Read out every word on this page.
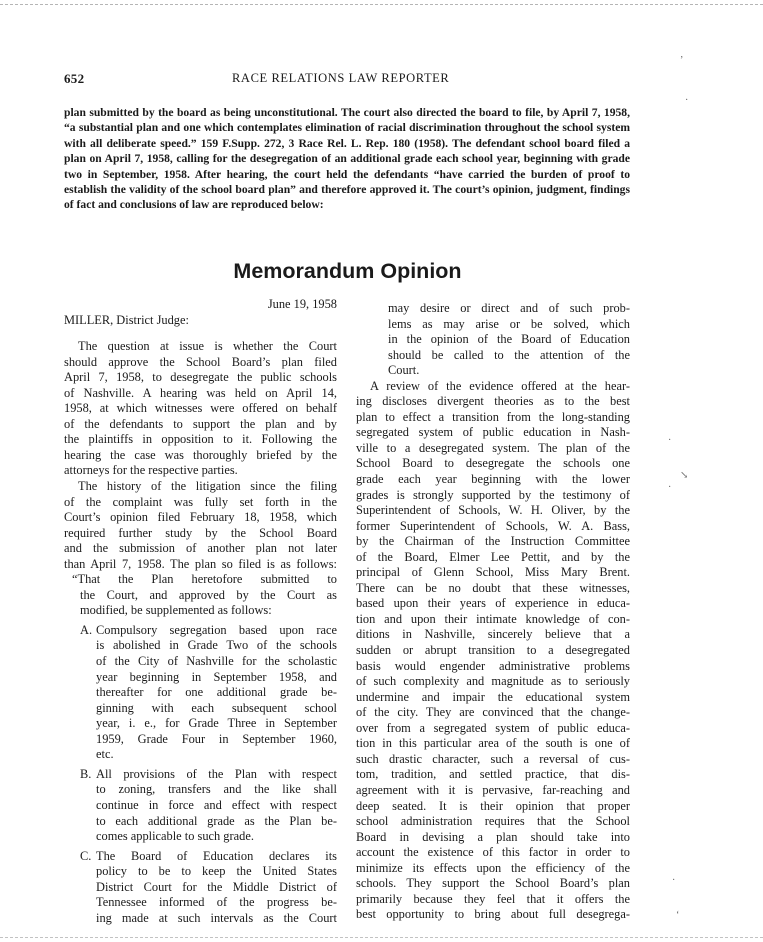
652	RACE RELATIONS LAW REPORTER
plan submitted by the board as being unconstitutional. The court also directed the board to file, by April 7, 1958, “a substantial plan and one which contemplates elimination of racial discrimination throughout the school system with all deliberate speed.” 159 F.Supp. 272, 3 Race Rel. L. Rep. 180 (1958). The defendant school board filed a plan on April 7, 1958, calling for the desegregation of an additional grade each school year, beginning with grade two in September, 1958. After hearing, the court held the defendants “have carried the burden of proof to establish the validity of the school board plan” and therefore approved it. The court’s opinion, judgment, findings of fact and conclusions of law are reproduced below:
Memorandum Opinion
June 19, 1958
MILLER, District Judge:
The question at issue is whether the Court
should approve the School Board’s plan filed
April 7, 1958, to desegregate the public schools
of Nashville. A hearing was held on April 14,
1958, at which witnesses were offered on behalf
of the defendants to support the plan and by
the plaintiffs in opposition to it. Following the
hearing the case was thoroughly briefed by the
attorneys for the respective parties.
The history of the litigation since the filing
of the complaint was fully set forth in the
Court’s opinion filed February 18, 1958, which
required further study by the School Board
and the submission of another plan not later
than April 7, 1958. The plan so filed is as follows:
“That the Plan heretofore submitted to
the Court, and approved by the Court as
modified, be supplemented as follows:
A. Compulsory segregation based upon race
is abolished in Grade Two of the schools
of the City of Nashville for the scholastic
year beginning in September 1958, and
thereafter for one additional grade be-
ginning with each subsequent school
year, i. e., for Grade Three in September
1959, Grade Four in September 1960,
etc.
B. All provisions of the Plan with respect
to zoning, transfers and the like shall
continue in force and effect with respect
to each additional grade as the Plan be-
comes applicable to such grade.
C. The Board of Education declares its
policy to be to keep the United States
District Court for the Middle District of
Tennessee informed of the progress be-
ing made at such intervals as the Court
may desire or direct and of such prob-
lems as may arise or be solved, which
in the opinion of the Board of Education
should be called to the attention of the
Court.
A review of the evidence offered at the hear-
ing discloses divergent theories as to the best
plan to effect a transition from the long-standing
segregated system of public education in Nash-
ville to a desegregated system. The plan of the
School Board to desegregate the schools one
grade each year beginning with the lower
grades is strongly supported by the testimony of
Superintendent of Schools, W. H. Oliver, by the
former Superintendent of Schools, W. A. Bass,
by the Chairman of the Instruction Committee
of the Board, Elmer Lee Pettit, and by the
principal of Glenn School, Miss Mary Brent.
There can be no doubt that these witnesses,
based upon their years of experience in educa-
tion and upon their intimate knowledge of con-
ditions in Nashville, sincerely believe that a
sudden or abrupt transition to a desegregated
basis would engender administrative problems
of such complexity and magnitude as to seriously
undermine and impair the educational system
of the city. They are convinced that the change-
over from a segregated system of public educa-
tion in this particular area of the south is one of
such drastic character, such a reversal of cus-
tom, tradition, and settled practice, that dis-
agreement with it is pervasive, far-reaching and
deep seated. It is their opinion that proper
school administration requires that the School
Board in devising a plan should take into
account the existence of this factor in order to
minimize its effects upon the efficiency of the
schools. They support the School Board’s plan
primarily because they feel that it offers the
best opportunity to bring about full desegrega-
’
·
↘
·
·
·
‘
